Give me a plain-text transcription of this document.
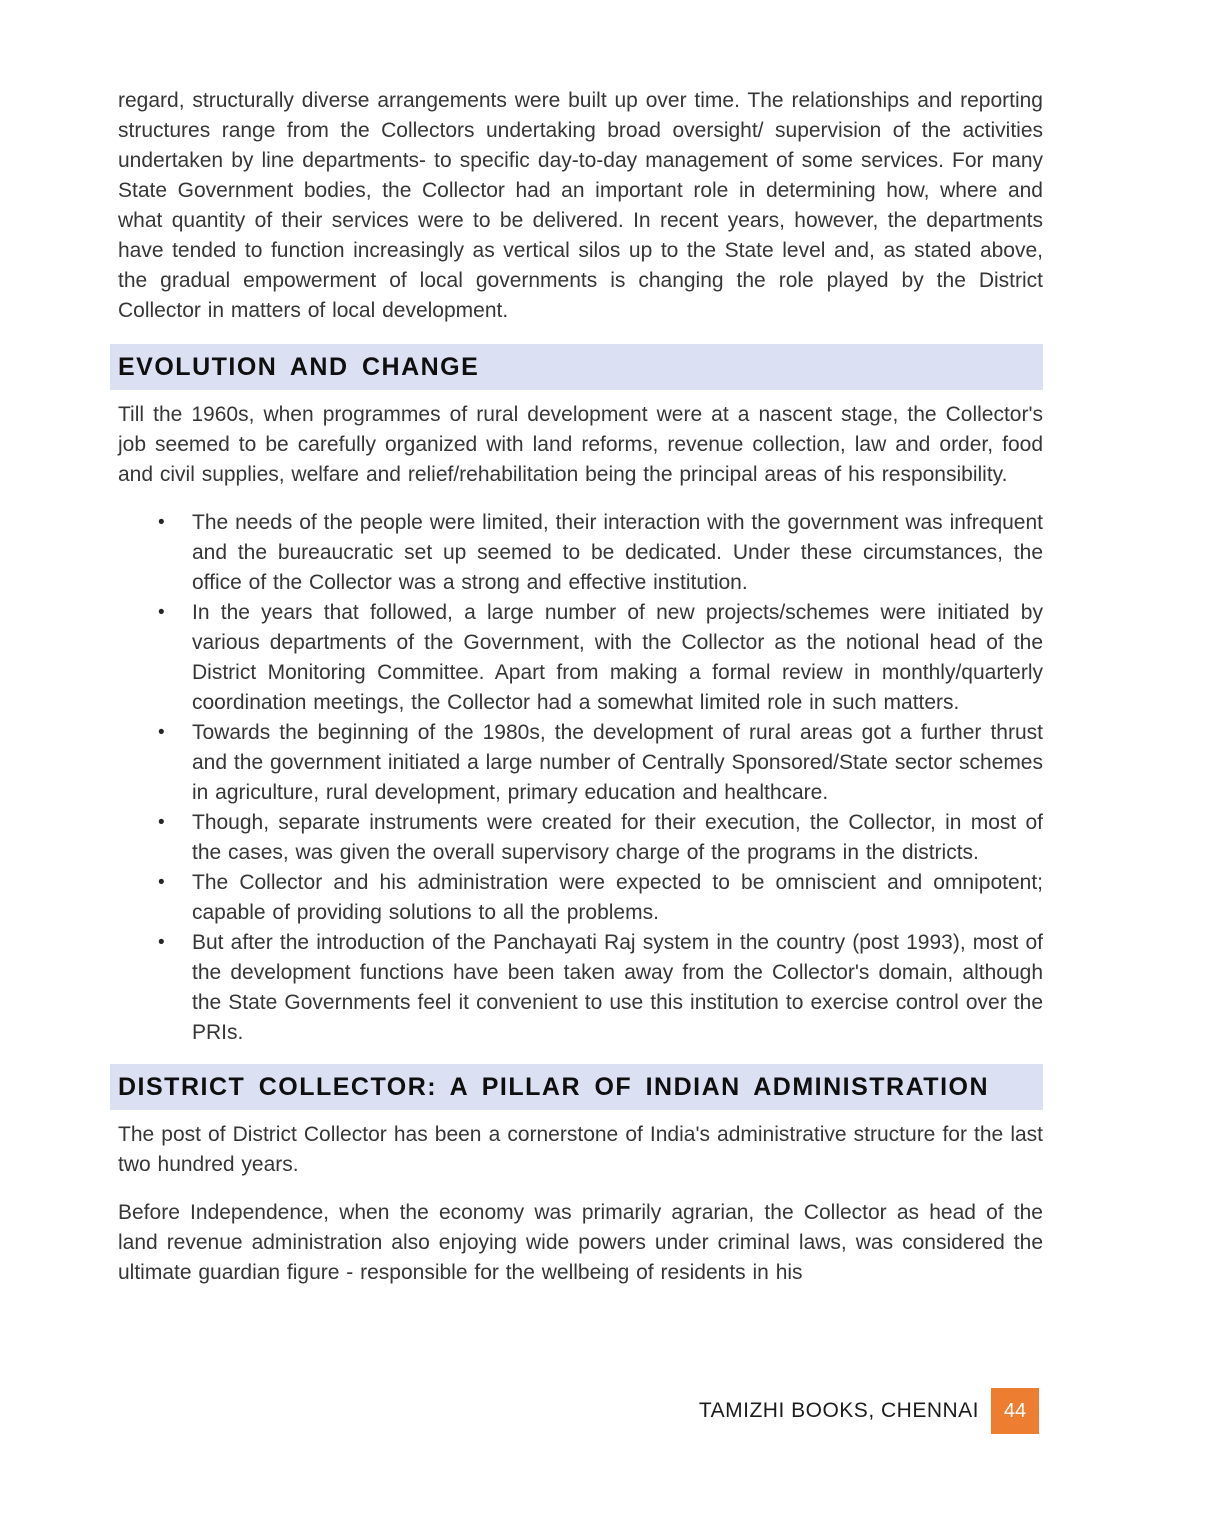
regard, structurally diverse arrangements were built up over time. The relationships and reporting structures range from the Collectors undertaking broad oversight/ supervision of the activities undertaken by line departments- to specific day-to-day management of some services. For many State Government bodies, the Collector had an important role in determining how, where and what quantity of their services were to be delivered. In recent years, however, the departments have tended to function increasingly as vertical silos up to the State level and, as stated above, the gradual empowerment of local governments is changing the role played by the District Collector in matters of local development.

EVOLUTION AND CHANGE

Till the 1960s, when programmes of rural development were at a nascent stage, the Collector's job seemed to be carefully organized with land reforms, revenue collection, law and order, food and civil supplies, welfare and relief/rehabilitation being the principal areas of his responsibility.

• The needs of the people were limited, their interaction with the government was infrequent and the bureaucratic set up seemed to be dedicated. Under these circumstances, the office of the Collector was a strong and effective institution.
• In the years that followed, a large number of new projects/schemes were initiated by various departments of the Government, with the Collector as the notional head of the District Monitoring Committee. Apart from making a formal review in monthly/quarterly coordination meetings, the Collector had a somewhat limited role in such matters.
• Towards the beginning of the 1980s, the development of rural areas got a further thrust and the government initiated a large number of Centrally Sponsored/State sector schemes in agriculture, rural development, primary education and healthcare.
• Though, separate instruments were created for their execution, the Collector, in most of the cases, was given the overall supervisory charge of the programs in the districts.
• The Collector and his administration were expected to be omniscient and omnipotent; capable of providing solutions to all the problems.
• But after the introduction of the Panchayati Raj system in the country (post 1993), most of the development functions have been taken away from the Collector's domain, although the State Governments feel it convenient to use this institution to exercise control over the PRIs.
DISTRICT COLLECTOR: A PILLAR OF INDIAN ADMINISTRATION

The post of District Collector has been a cornerstone of India's administrative structure for the last two hundred years.

Before Independence, when the economy was primarily agrarian, the Collector as head of the land revenue administration also enjoying wide powers under criminal laws, was considered the ultimate guardian figure - responsible for the wellbeing of residents in his

TAMIZHI BOOKS, CHENNAI	44
